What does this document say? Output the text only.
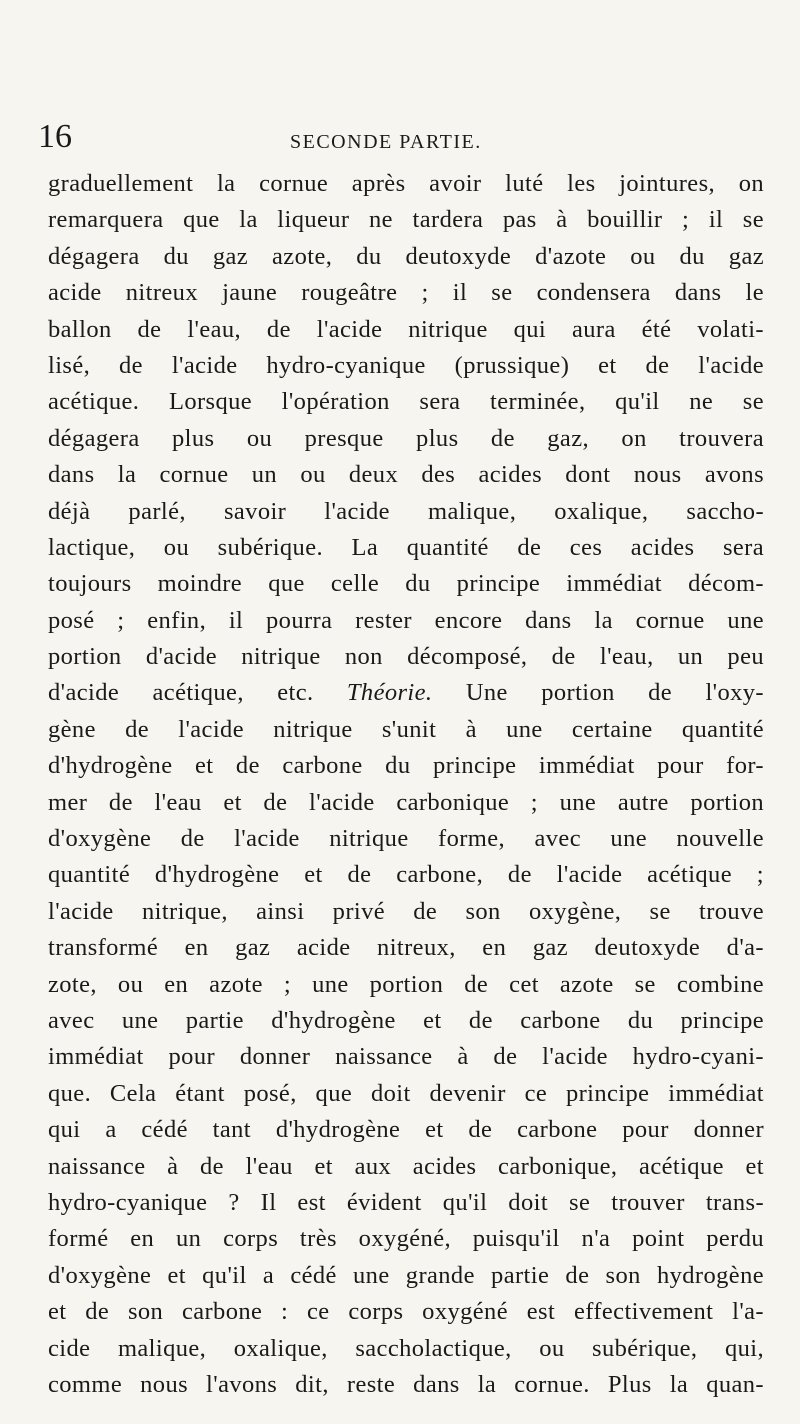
16	SECONDE PARTIE.
graduellement la cornue après avoir luté les jointures, on
remarquera que la liqueur ne tardera pas à bouillir ; il se
dégagera du gaz azote, du deutoxyde d'azote ou du gaz
acide nitreux jaune rougeâtre ; il se condensera dans le
ballon de l'eau, de l'acide nitrique qui aura été volati-
lisé, de l'acide hydro-cyanique (prussique) et de l'acide
acétique. Lorsque l'opération sera terminée, qu'il ne se
dégagera plus ou presque plus de gaz, on trouvera
dans la cornue un ou deux des acides dont nous avons
déjà parlé, savoir l'acide malique, oxalique, saccho-
lactique, ou subérique. La quantité de ces acides sera
toujours moindre que celle du principe immédiat décom-
posé ; enfin, il pourra rester encore dans la cornue une
portion d'acide nitrique non décomposé, de l'eau, un peu
d'acide acétique, etc. Théorie. Une portion de l'oxy-
gène de l'acide nitrique s'unit à une certaine quantité
d'hydrogène et de carbone du principe immédiat pour for-
mer de l'eau et de l'acide carbonique ; une autre portion
d'oxygène de l'acide nitrique forme, avec une nouvelle
quantité d'hydrogène et de carbone, de l'acide acétique ;
l'acide nitrique, ainsi privé de son oxygène, se trouve
transformé en gaz acide nitreux, en gaz deutoxyde d'a-
zote, ou en azote ; une portion de cet azote se combine
avec une partie d'hydrogène et de carbone du principe
immédiat pour donner naissance à de l'acide hydro-cyani-
que. Cela étant posé, que doit devenir ce principe immédiat
qui a cédé tant d'hydrogène et de carbone pour donner
naissance à de l'eau et aux acides carbonique, acétique et
hydro-cyanique ? Il est évident qu'il doit se trouver trans-
formé en un corps très oxygéné, puisqu'il n'a point perdu
d'oxygène et qu'il a cédé une grande partie de son hydrogène
et de son carbone : ce corps oxygéné est effectivement l'a-
cide malique, oxalique, saccholactique, ou subérique, qui,
comme nous l'avons dit, reste dans la cornue. Plus la quan-
